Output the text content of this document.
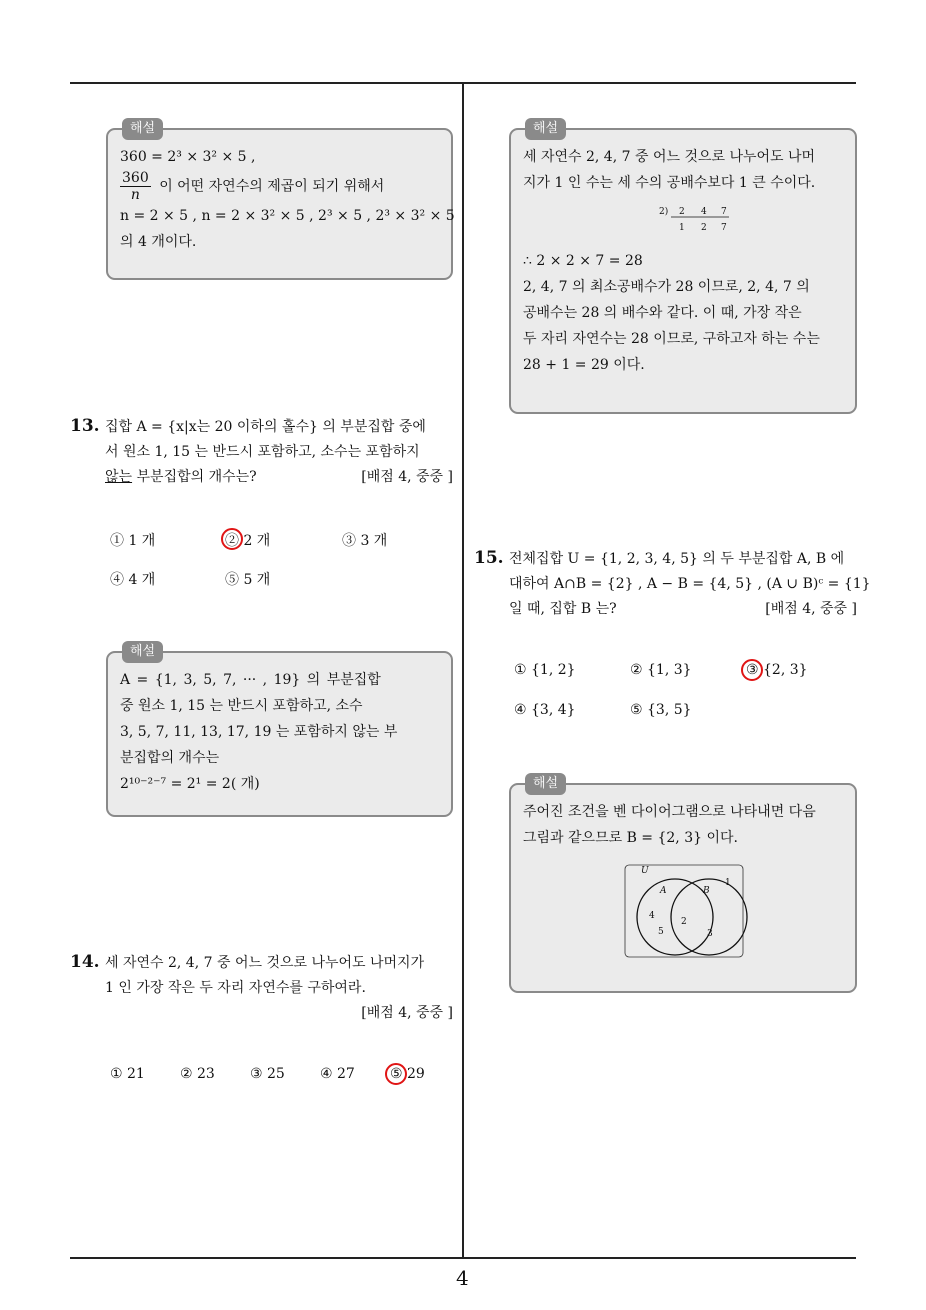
해설
360 = 2³ × 3² × 5 ,
$\frac{360}{n}$ 이 어떤 자연수의 제곱이 되기 위해서
n = 2 × 5 , n = 2 × 3² × 5 , 2³ × 5 , 2³ × 3² × 5
의 4 개이다.
13. 집합 A = {x|x는 20 이하의 홀수} 의 부분집합 중에
서 원소 1, 15 는 반드시 포함하고, 소수는 포함하지
않는 부분집합의 개수는?	[배점 4, 중중 ]
① 1 개	② 2 개	③ 3 개
④ 4 개	⑤ 5 개
해설
A = {1, 3, 5, 7, ··· , 19} 의 부분집합
중 원소 1, 15 는 반드시 포함하고, 소수
3, 5, 7, 11, 13, 17, 19 는 포함하지 않는 부
분집합의 개수는
2¹⁰⁻²⁻⁷ = 2¹ = 2( 개)
14. 세 자연수 2, 4, 7 중 어느 것으로 나누어도 나머지가
1 인 가장 작은 두 자리 자연수를 구하여라.
[배점 4, 중중 ]
① 21	② 23	③ 25	④ 27	⑤ 29
해설
세 자연수 2, 4, 7 중 어느 것으로 나누어도 나머
지가 1 인 수는 세 수의 공배수보다 1 큰 수이다.
2) 2 4 7
1 2 7
∴ 2 × 2 × 7 = 28
2, 4, 7 의 최소공배수가 28 이므로, 2, 4, 7 의
공배수는 28 의 배수와 같다. 이 때, 가장 작은
두 자리 자연수는 28 이므로, 구하고자 하는 수는
28 + 1 = 29 이다.
15. 전체집합 U = {1, 2, 3, 4, 5} 의 두 부분집합 A, B 에
대하여 A∩B = {2} , A − B = {4, 5} , (A ∪ B)ᶜ = {1}
일 때, 집합 B 는?	[배점 4, 중중 ]
① {1, 2}	② {1, 3}	③ {2, 3}
④ {3, 4}	⑤ {3, 5}
해설
주어진 조건을 벤 다이어그램으로 나타내면 다음
그림과 같으므로 B = {2, 3} 이다.
U
A	B
1
4
2
5	3
4
